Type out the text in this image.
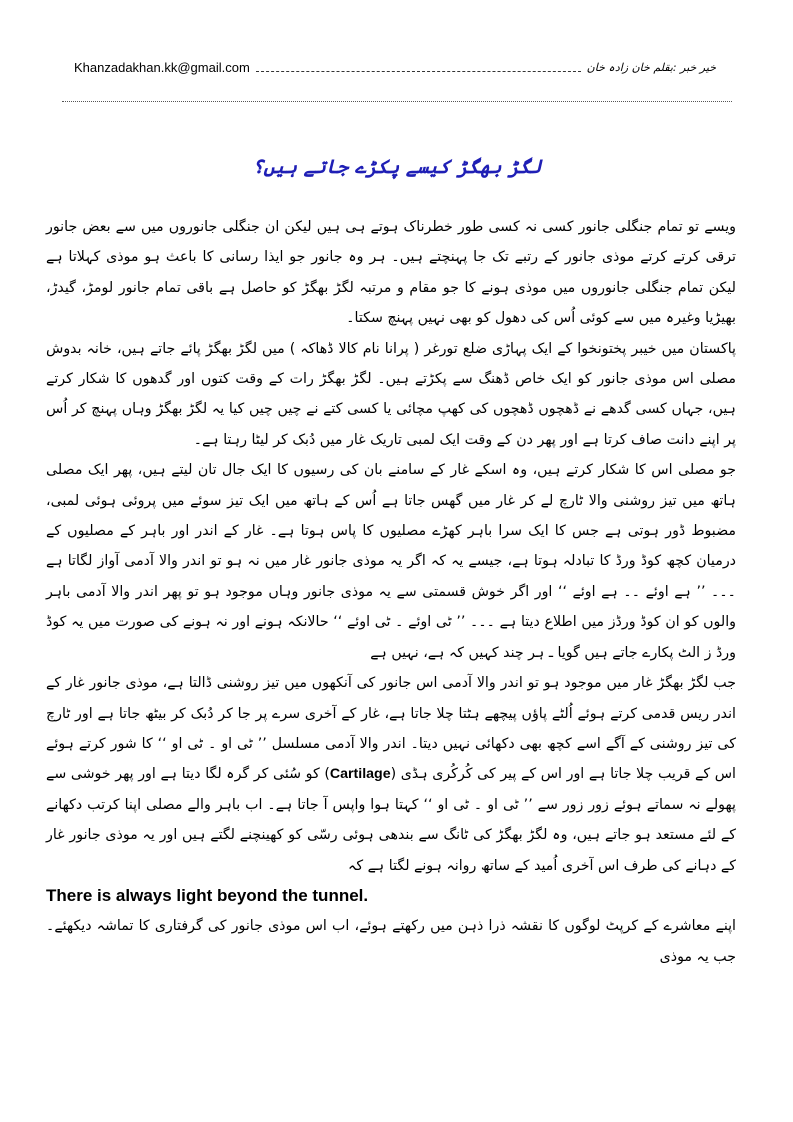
Khanzadakhan.kk@gmail.com	خیر خبر :بقلم خان زادہ خان
لگڑ بھگڑ کیسے پکڑے جاتے ہیں؟

ویسے تو تمام جنگلی جانور کسی نہ کسی طور خطرناک ہوتے ہی ہیں لیکن ان جنگلی جانوروں میں سے بعض جانور ترقی کرتے کرتے موذی جانور کے رتبے تک جا پہنچتے ہیں۔ ہر وہ جانور جو ایذا رسانی کا باعث ہو موذی کہلاتا ہے لیکن تمام جنگلی جانوروں میں موذی ہونے کا جو مقام و مرتبہ لگڑ بھگڑ کو حاصل ہے باقی تمام جانور لومڑ، گیدڑ، بھیڑیا وغیرہ میں سے کوئی اُس کی دھول کو بھی نہیں پہنچ سکتا۔

پاکستان میں خیبر پختونخوا کے ایک پہاڑی ضلع تورغر ( پرانا نام کالا ڈھاکہ ) میں لگڑ بھگڑ پائے جاتے ہیں، خانہ بدوش مصلی اس موذی جانور کو ایک خاص ڈھنگ سے پکڑتے ہیں۔ لگڑ بھگڑ رات کے وقت کتوں اور گدھوں کا شکار کرتے ہیں، جہاں کسی گدھے نے ڈھچوں ڈھچوں کی کھپ مچائی یا کسی کتے نے چیں چیں کیا یہ لگڑ بھگڑ وہاں پہنچ کر اُس پر اپنے دانت صاف کرتا ہے اور پھر دن کے وقت ایک لمبی تاریک غار میں دُبک کر لیٹا رہتا ہے۔

جو مصلی اس کا شکار کرتے ہیں، وہ اسکے غار کے سامنے بان کی رسیوں کا ایک جال تان لیتے ہیں، پھر ایک مصلی ہاتھ میں تیز روشنی والا ٹارچ لے کر غار میں گھس جاتا ہے اُس کے ہاتھ میں ایک تیز سوئے میں پروئی ہوئی لمبی، مضبوط ڈور ہوتی ہے جس کا ایک سرا باہر کھڑے مصلیوں کا پاس ہوتا ہے۔ غار کے اندر اور باہر کے مصلیوں کے درمیان کچھ کوڈ ورڈ کا تبادلہ ہوتا ہے، جیسے یہ کہ اگر یہ موذی جانور غار میں نہ ہو تو اندر والا آدمی آواز لگاتا ہے ۔۔۔ ’’ ہے اوئے ۔۔ ہے اوئے ‘‘ اور اگر خوش قسمتی سے یہ موذی جانور وہاں موجود ہو تو پھر اندر والا آدمی باہر والوں کو ان کوڈ ورڈز میں اطلاع دیتا ہے ۔۔۔ ’’ ٹی اوئے ۔ ٹی اوئے ‘‘ حالانکہ ہونے اور نہ ہونے کی صورت میں یہ کوڈ ورڈ ز الٹ پکارے جاتے ہیں گویا ـ ہر چند کہیں کہ ہے، نہیں ہے

جب لگڑ بھگڑ غار میں موجود ہو تو اندر والا آدمی اس جانور کی آنکھوں میں تیز روشنی ڈالتا ہے، موذی جانور غار کے اندر ریس قدمی کرتے ہوئے اُلٹے پاؤں پیچھے ہٹتا چلا جاتا ہے، غار کے آخری سرے پر جا کر دُبک کر بیٹھ جاتا ہے اور ٹارچ کی تیز روشنی کے آگے اسے کچھ بھی دکھائی نہیں دیتا۔ اندر والا آدمی مسلسل ’’ ٹی او ۔ ٹی او ‘‘ کا شور کرتے ہوئے اس کے قریب چلا جاتا ہے اور اس کے پیر کی کُرکُری ہڈی (Cartilage) کو سُئی کر گرہ لگا دیتا ہے اور پھر خوشی سے پھولے نہ سماتے ہوئے زور زور سے ’’ ٹی او ۔ ٹی او ‘‘ کہتا ہوا واپس آ جاتا ہے۔ اب باہر والے مصلی اپنا کرتب دکھانے کے لئے مستعد ہو جاتے ہیں، وہ لگڑ بھگڑ کی ٹانگ سے بندھی ہوئی رسّی کو کھینچنے لگتے ہیں اور یہ موذی جانور غار کے دہانے کی طرف اس آخری اُمید کے ساتھ روانہ ہونے لگتا ہے کہ

There is always light beyond the tunnel.

اپنے معاشرے کے کرپٹ لوگوں کا نقشہ ذرا ذہن میں رکھتے ہوئے، اب اس موذی جانور کی گرفتاری کا تماشہ دیکھئے۔ جب یہ موذی
